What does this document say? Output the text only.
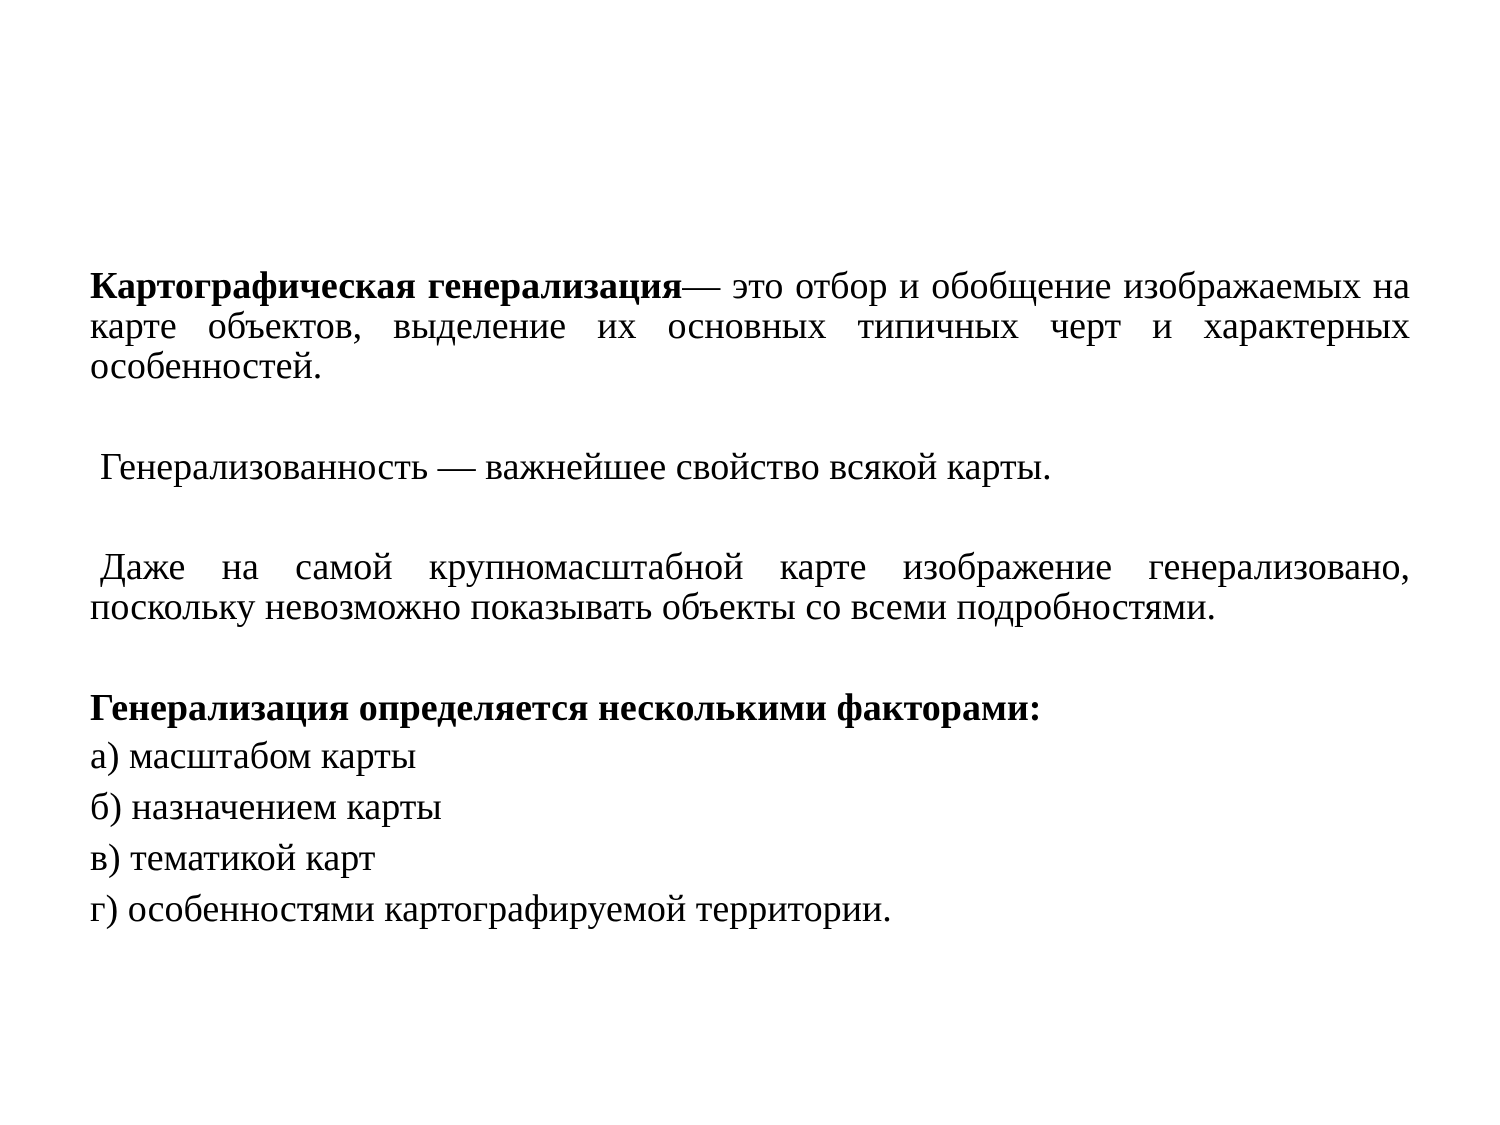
Картографическая генерализация— это отбор и обобщение изображаемых на карте объектов, выделение их основных типичных черт и характерных особенностей.

Генерализованность — важнейшее свойство всякой карты.

Даже на самой крупномасштабной карте изображение генерализовано, поскольку невозможно показывать объекты со всеми подробностями.

Генерализация определяется несколькими факторами:

а) масштабом карты
б) назначением карты
в) тематикой карт
г) особенностями картографируемой территории.
